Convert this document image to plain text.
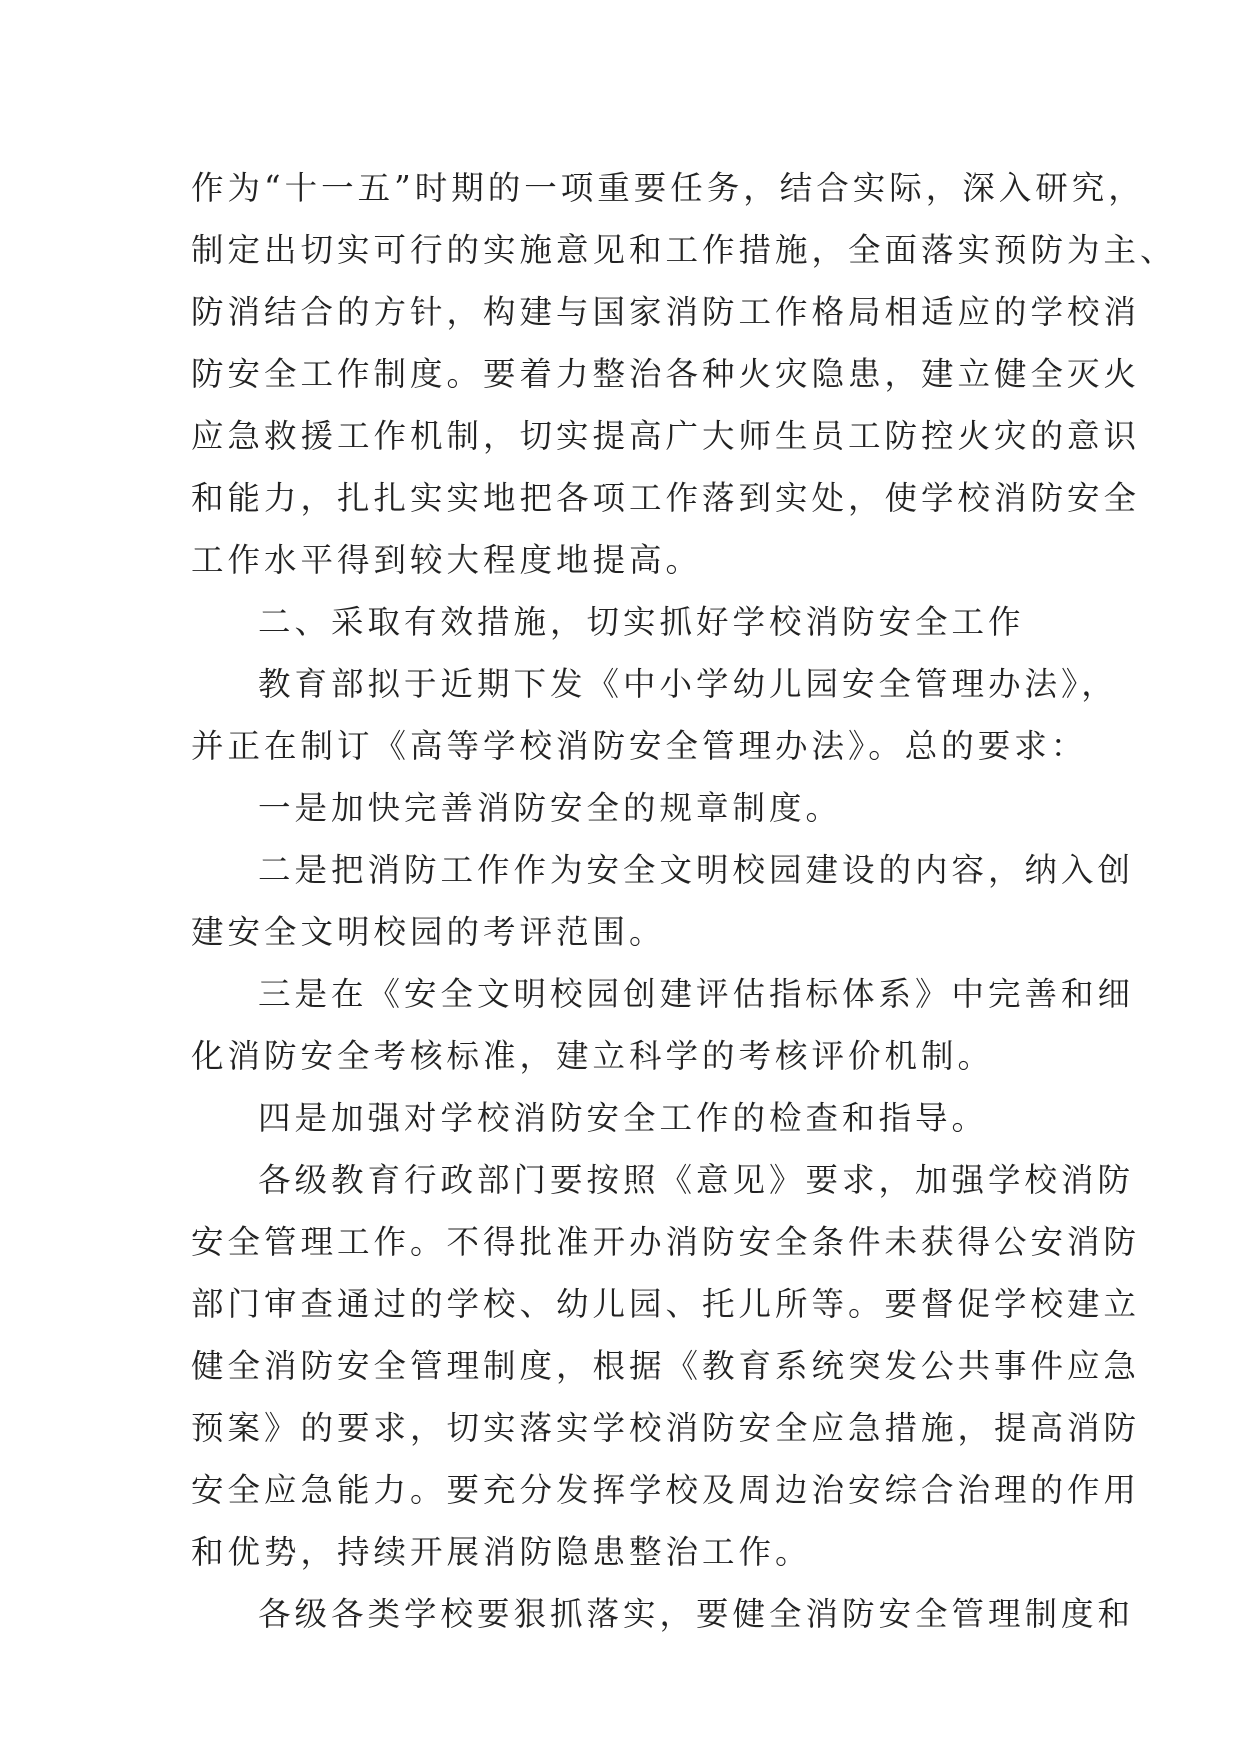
作为“十一五”时期的一项重要任务，结合实际，深入研究，
制定出切实可行的实施意见和工作措施，全面落实预防为主、
防消结合的方针，构建与国家消防工作格局相适应的学校消
防安全工作制度。要着力整治各种火灾隐患，建立健全灭火
应急救援工作机制，切实提高广大师生员工防控火灾的意识
和能力，扎扎实实地把各项工作落到实处，使学校消防安全
工作水平得到较大程度地提高。
二、采取有效措施，切实抓好学校消防安全工作
教育部拟于近期下发《中小学幼儿园安全管理办法》，
并正在制订《高等学校消防安全管理办法》。总的要求：
一是加快完善消防安全的规章制度。
二是把消防工作作为安全文明校园建设的内容，纳入创
建安全文明校园的考评范围。
三是在《安全文明校园创建评估指标体系》中完善和细
化消防安全考核标准，建立科学的考核评价机制。
四是加强对学校消防安全工作的检查和指导。
各级教育行政部门要按照《意见》要求，加强学校消防
安全管理工作。不得批准开办消防安全条件未获得公安消防
部门审查通过的学校、幼儿园、托儿所等。要督促学校建立
健全消防安全管理制度，根据《教育系统突发公共事件应急
预案》的要求，切实落实学校消防安全应急措施，提高消防
安全应急能力。要充分发挥学校及周边治安综合治理的作用
和优势，持续开展消防隐患整治工作。
各级各类学校要狠抓落实，要健全消防安全管理制度和
